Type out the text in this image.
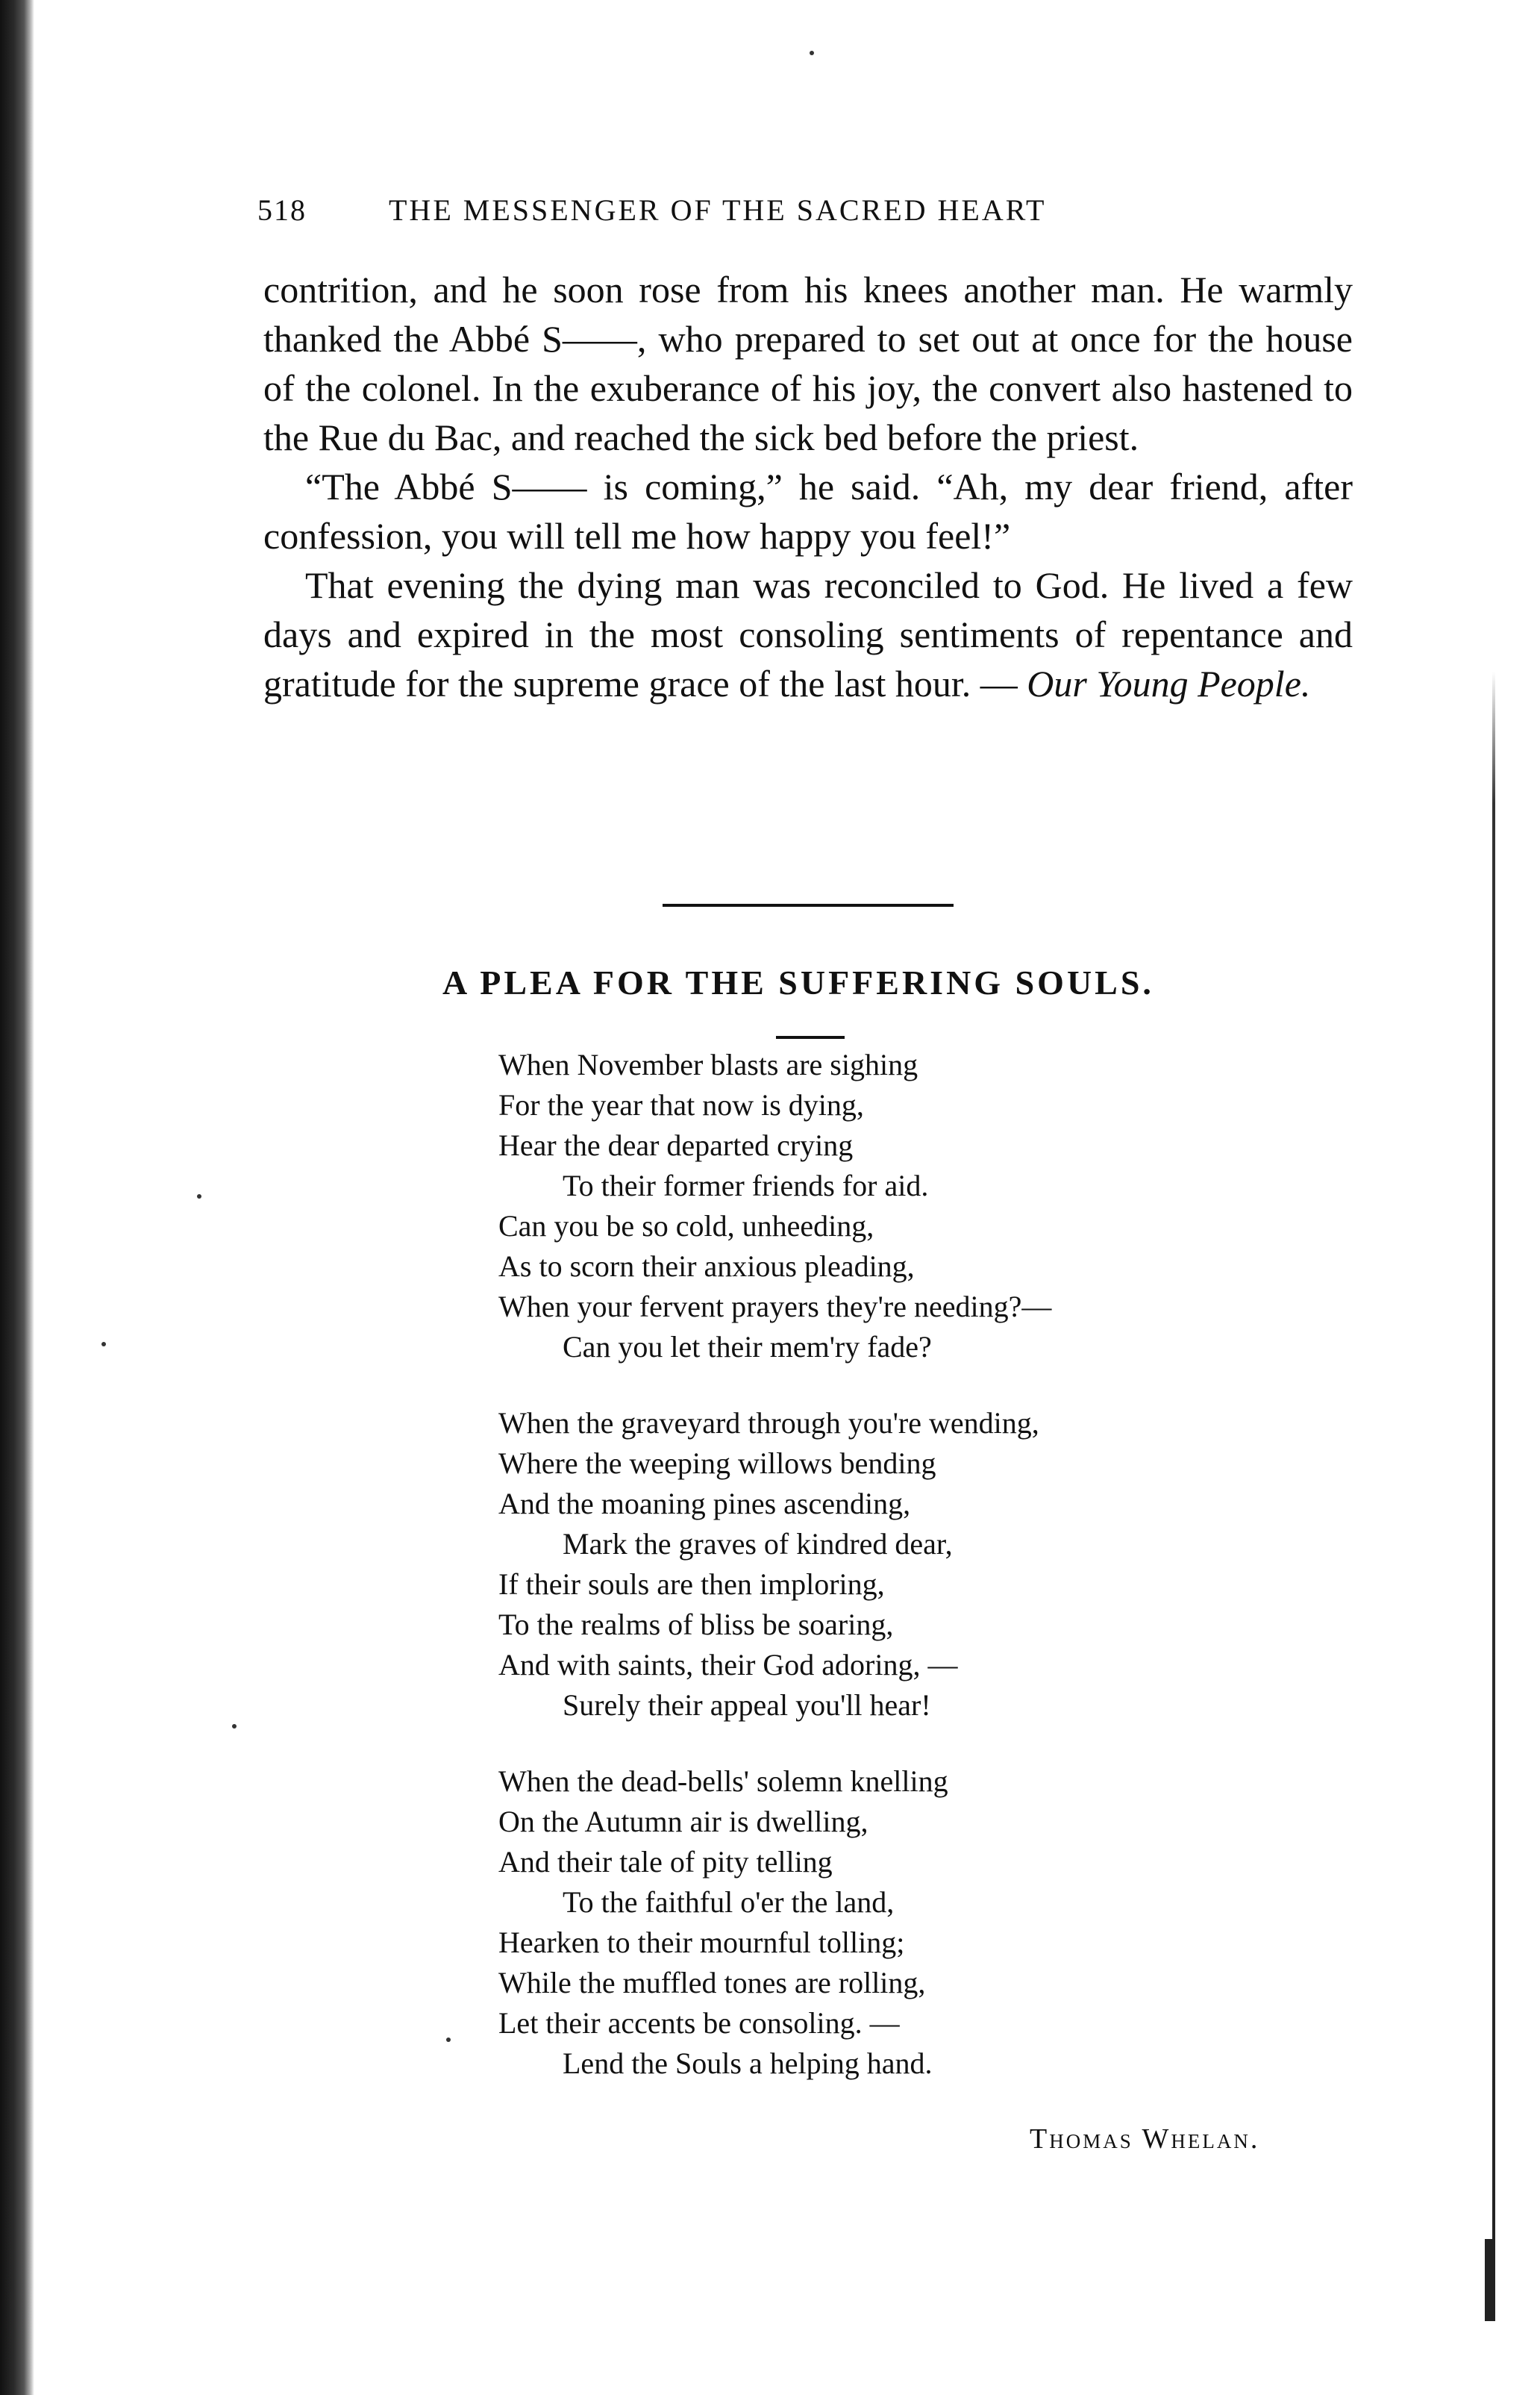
518	THE MESSENGER OF THE SACRED HEART

contrition, and he soon rose from his knees another man. He warmly thanked the Abbé S——, who prepared to set out at once for the house of the colonel. In the exuberance of his joy, the convert also hastened to the Rue du Bac, and reached the sick bed before the priest.

“The Abbé S—— is coming,” he said. “Ah, my dear friend, after confession, you will tell me how happy you feel!”

That evening the dying man was reconciled to God. He lived a few days and expired in the most consoling sentiments of repentance and gratitude for the supreme grace of the last hour. — Our Young People.

A PLEA FOR THE SUFFERING SOULS.
When November blasts are sighing
For the year that now is dying,
Hear the dear departed crying
To their former friends for aid.
Can you be so cold, unheeding,
As to scorn their anxious pleading,
When your fervent prayers they're needing?—
Can you let their mem'ry fade?
When the graveyard through you're wending,
Where the weeping willows bending
And the moaning pines ascending,
Mark the graves of kindred dear,
If their souls are then imploring,
To the realms of bliss be soaring,
And with saints, their God adoring, —
Surely their appeal you'll hear!
When the dead-bells' solemn knelling
On the Autumn air is dwelling,
And their tale of pity telling
To the faithful o'er the land,
Hearken to their mournful tolling;
While the muffled tones are rolling,
Let their accents be consoling. —
Lend the Souls a helping hand.
Thomas Whelan.
